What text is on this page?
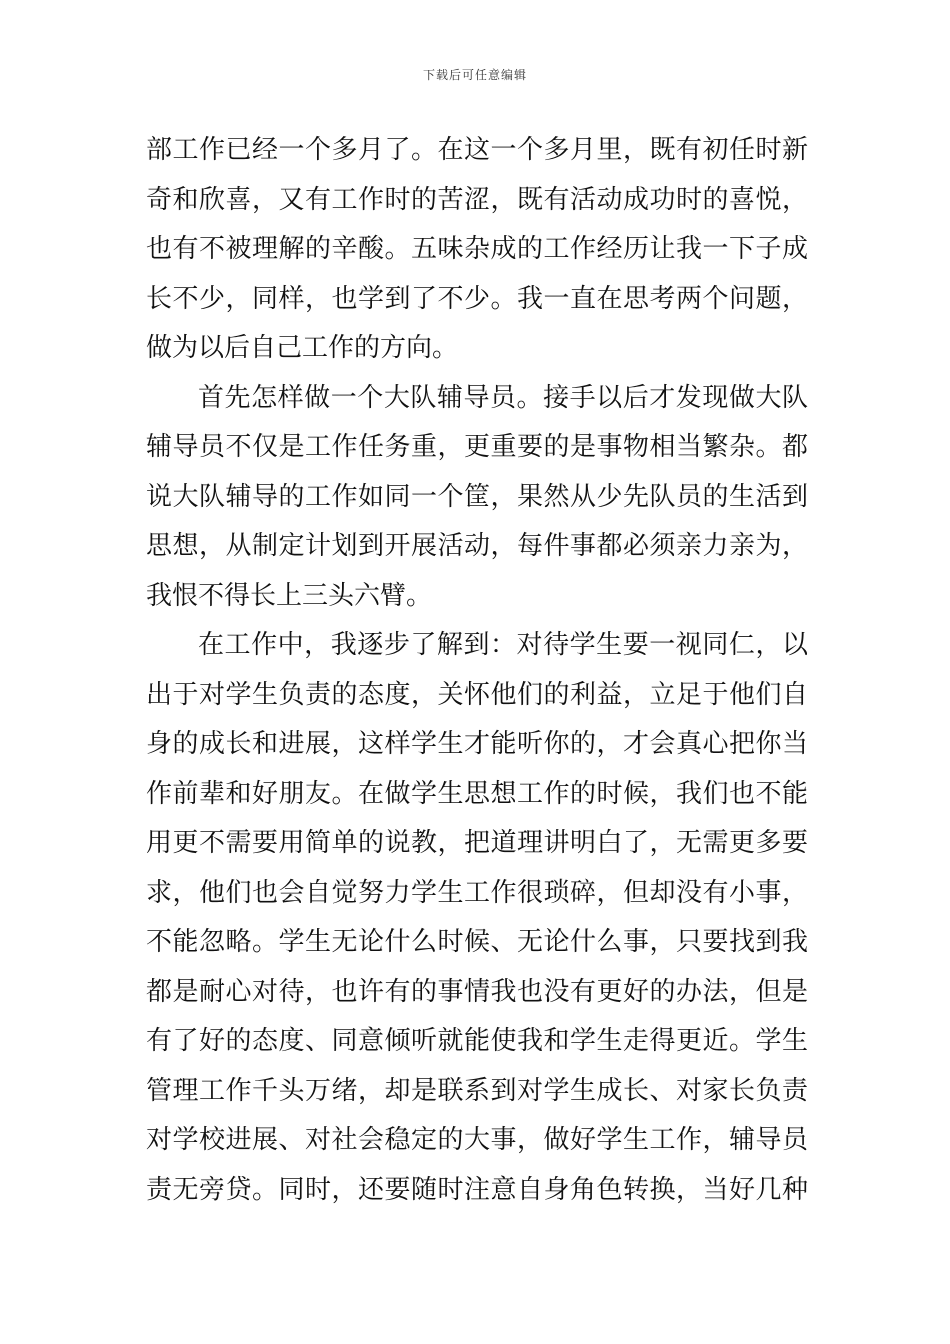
下载后可任意编辑
部工作已经一个多月了。在这一个多月里，既有初任时新
奇和欣喜，又有工作时的苦涩，既有活动成功时的喜悦，
也有不被理解的辛酸。五味杂成的工作经历让我一下子成
长不少，同样，也学到了不少。我一直在思考两个问题，
做为以后自己工作的方向。
首先怎样做一个大队辅导员。接手以后才发现做大队
辅导员不仅是工作任务重，更重要的是事物相当繁杂。都
说大队辅导的工作如同一个筐，果然从少先队员的生活到
思想，从制定计划到开展活动，每件事都必须亲力亲为，
我恨不得长上三头六臂。
在工作中，我逐步了解到：对待学生要一视同仁，以
出于对学生负责的态度，关怀他们的利益，立足于他们自
身的成长和进展，这样学生才能听你的，才会真心把你当
作前辈和好朋友。在做学生思想工作的时候，我们也不能
用更不需要用简单的说教，把道理讲明白了，无需更多要
求，他们也会自觉努力学生工作很琐碎，但却没有小事，
不能忽略。学生无论什么时候、无论什么事，只要找到我
都是耐心对待，也许有的事情我也没有更好的办法，但是
有了好的态度、同意倾听就能使我和学生走得更近。学生
管理工作千头万绪，却是联系到对学生成长、对家长负责
对学校进展、对社会稳定的大事，做好学生工作，辅导员
责无旁贷。同时，还要随时注意自身角色转换，当好几种
